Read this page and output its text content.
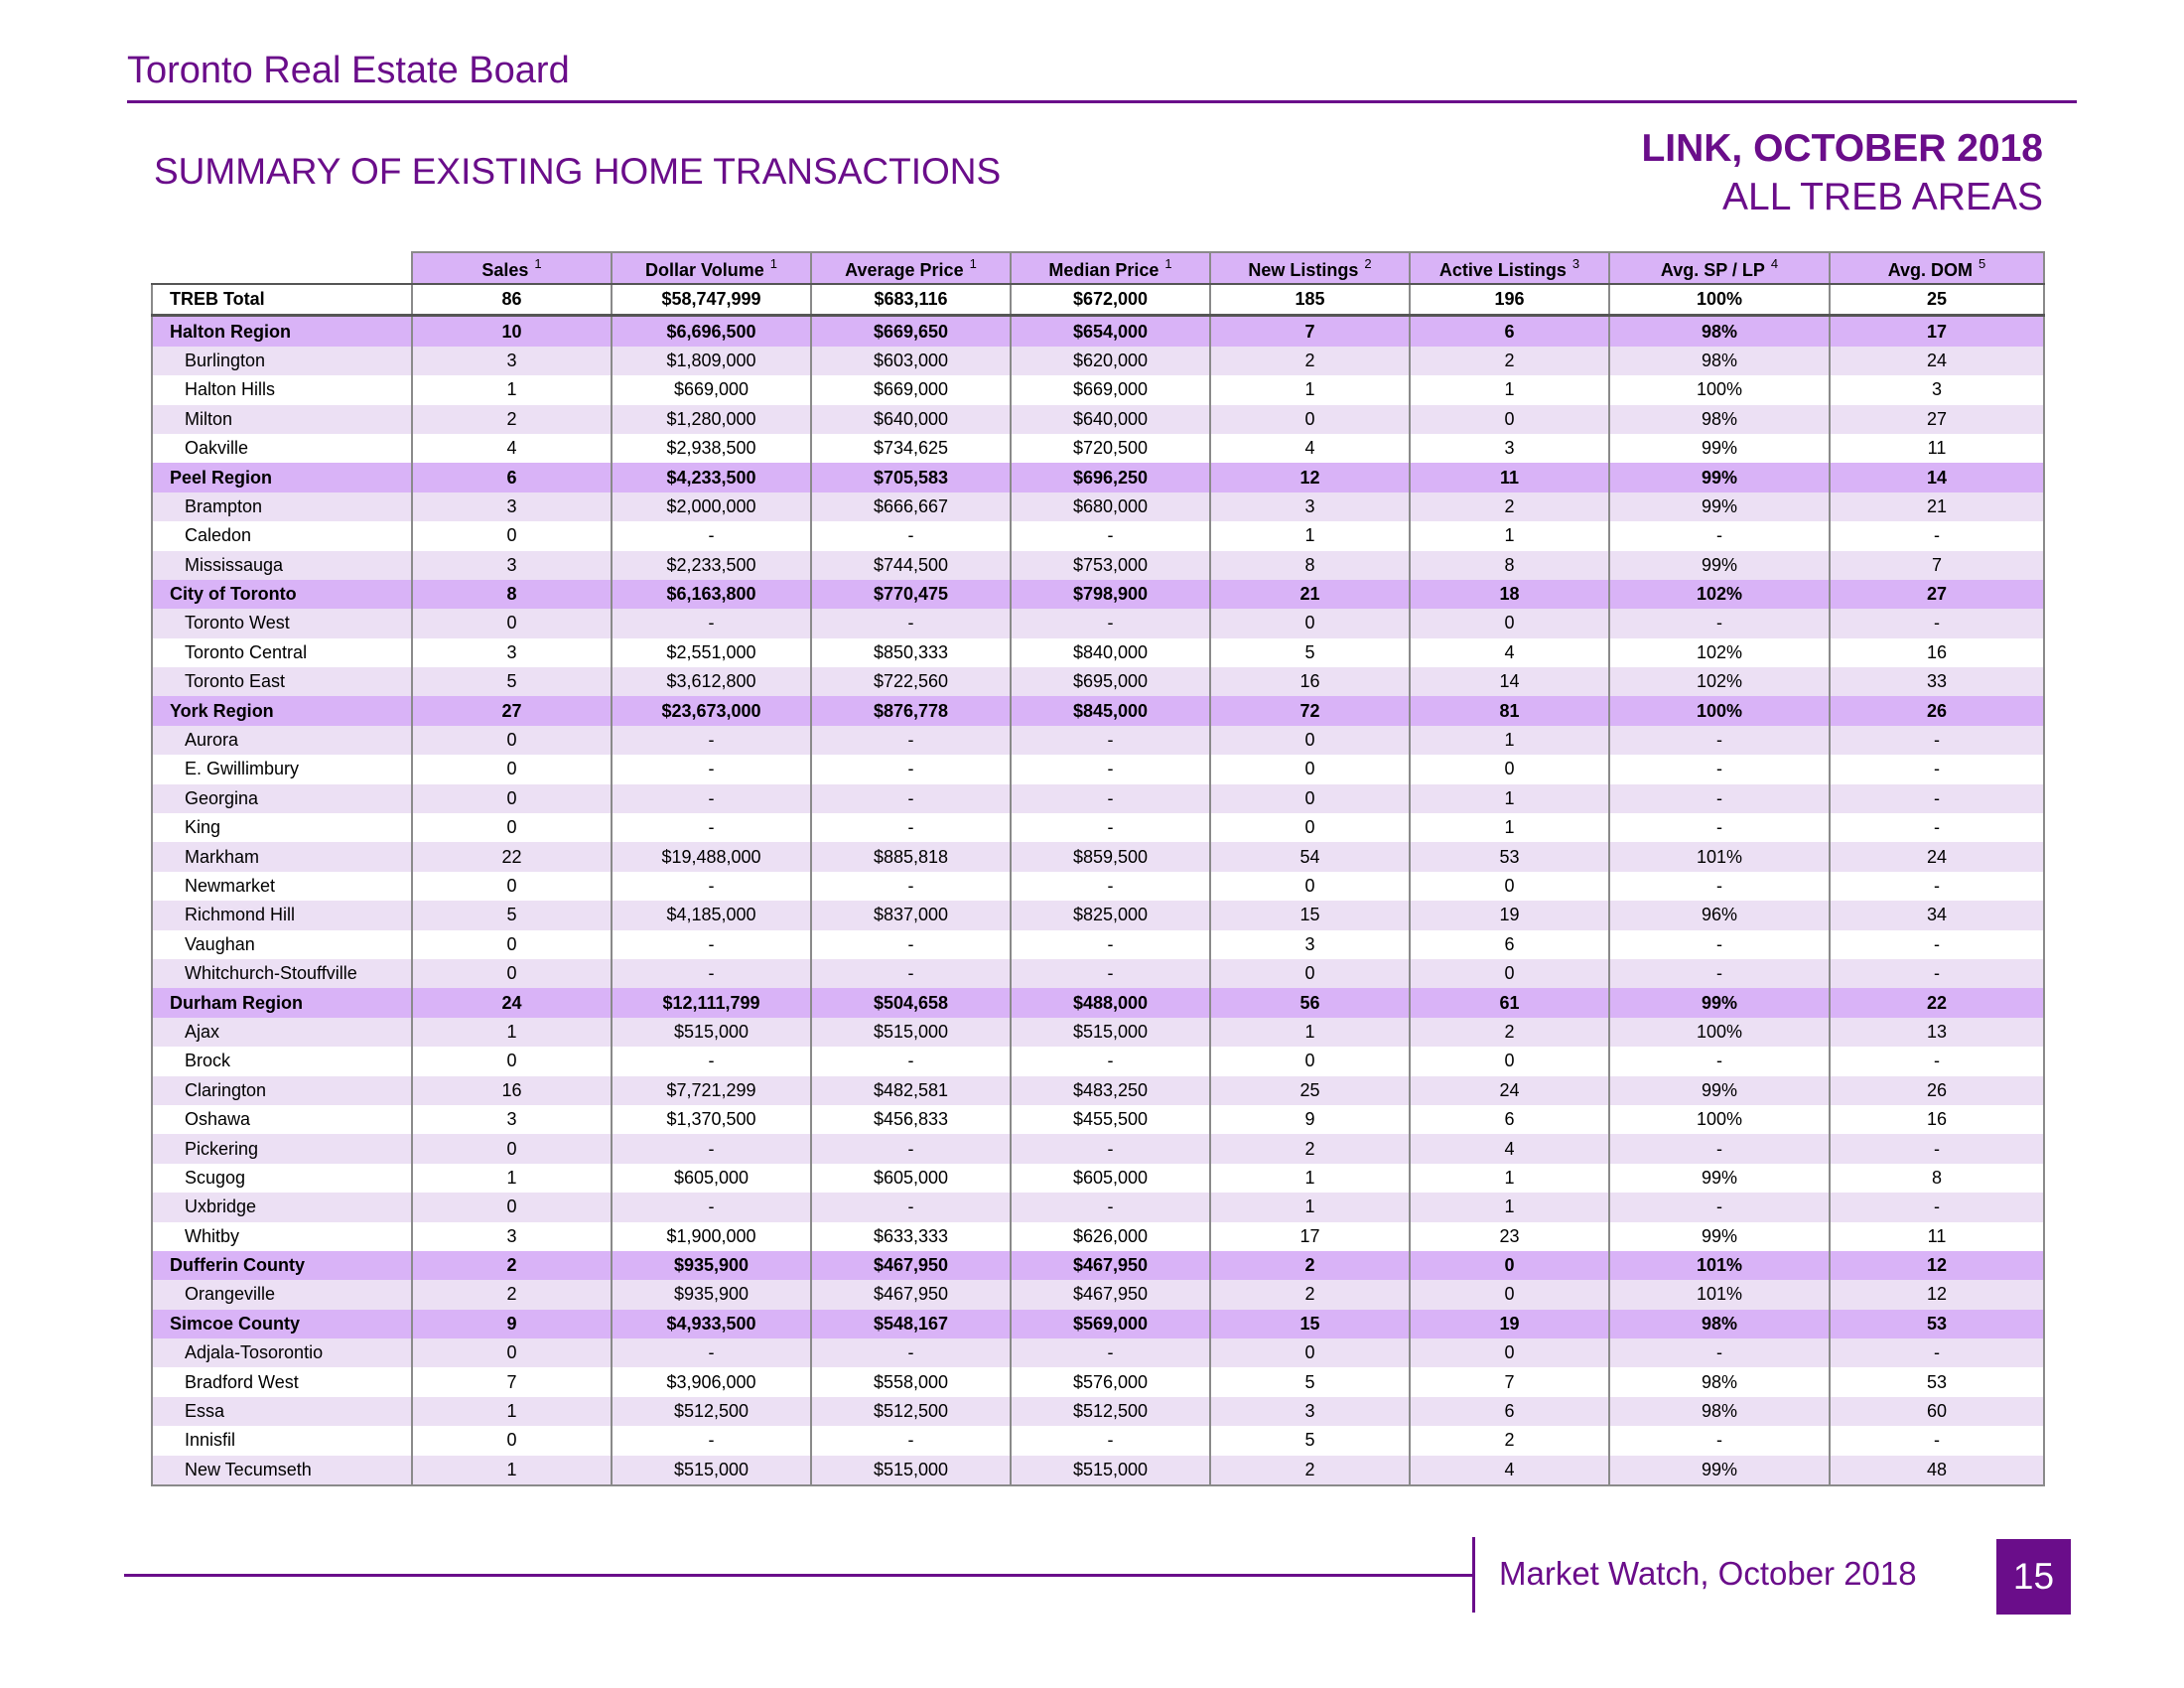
Toronto Real Estate Board
SUMMARY OF EXISTING HOME TRANSACTIONS
LINK, OCTOBER 2018
ALL TREB AREAS
	Sales $^1$	Dollar Volume $^1$	Average Price $^1$	Median Price $^1$	New Listings $^2$	Active Listings $^3$	Avg. SP / LP $^4$	Avg. DOM $^5$
TREB Total	86	$58,747,999	$683,116	$672,000	185	196	100%	25
Halton Region	10	$6,696,500	$669,650	$654,000	7	6	98%	17
Burlington	3	$1,809,000	$603,000	$620,000	2	2	98%	24
Halton Hills	1	$669,000	$669,000	$669,000	1	1	100%	3
Milton	2	$1,280,000	$640,000	$640,000	0	0	98%	27
Oakville	4	$2,938,500	$734,625	$720,500	4	3	99%	11
Peel Region	6	$4,233,500	$705,583	$696,250	12	11	99%	14
Brampton	3	$2,000,000	$666,667	$680,000	3	2	99%	21
Caledon	0	-	-	-	1	1	-	-
Mississauga	3	$2,233,500	$744,500	$753,000	8	8	99%	7
City of Toronto	8	$6,163,800	$770,475	$798,900	21	18	102%	27
Toronto West	0	-	-	-	0	0	-	-
Toronto Central	3	$2,551,000	$850,333	$840,000	5	4	102%	16
Toronto East	5	$3,612,800	$722,560	$695,000	16	14	102%	33
York Region	27	$23,673,000	$876,778	$845,000	72	81	100%	26
Aurora	0	-	-	-	0	1	-	-
E. Gwillimbury	0	-	-	-	0	0	-	-
Georgina	0	-	-	-	0	1	-	-
King	0	-	-	-	0	1	-	-
Markham	22	$19,488,000	$885,818	$859,500	54	53	101%	24
Newmarket	0	-	-	-	0	0	-	-
Richmond Hill	5	$4,185,000	$837,000	$825,000	15	19	96%	34
Vaughan	0	-	-	-	3	6	-	-
Whitchurch-Stouffville	0	-	-	-	0	0	-	-
Durham Region	24	$12,111,799	$504,658	$488,000	56	61	99%	22
Ajax	1	$515,000	$515,000	$515,000	1	2	100%	13
Brock	0	-	-	-	0	0	-	-
Clarington	16	$7,721,299	$482,581	$483,250	25	24	99%	26
Oshawa	3	$1,370,500	$456,833	$455,500	9	6	100%	16
Pickering	0	-	-	-	2	4	-	-
Scugog	1	$605,000	$605,000	$605,000	1	1	99%	8
Uxbridge	0	-	-	-	1	1	-	-
Whitby	3	$1,900,000	$633,333	$626,000	17	23	99%	11
Dufferin County	2	$935,900	$467,950	$467,950	2	0	101%	12
Orangeville	2	$935,900	$467,950	$467,950	2	0	101%	12
Simcoe County	9	$4,933,500	$548,167	$569,000	15	19	98%	53
Adjala-Tosorontio	0	-	-	-	0	0	-	-
Bradford West	7	$3,906,000	$558,000	$576,000	5	7	98%	53
Essa	1	$512,500	$512,500	$512,500	3	6	98%	60
Innisfil	0	-	-	-	5	2	-	-
New Tecumseth	1	$515,000	$515,000	$515,000	2	4	99%	48
Market Watch, October 2018	15
